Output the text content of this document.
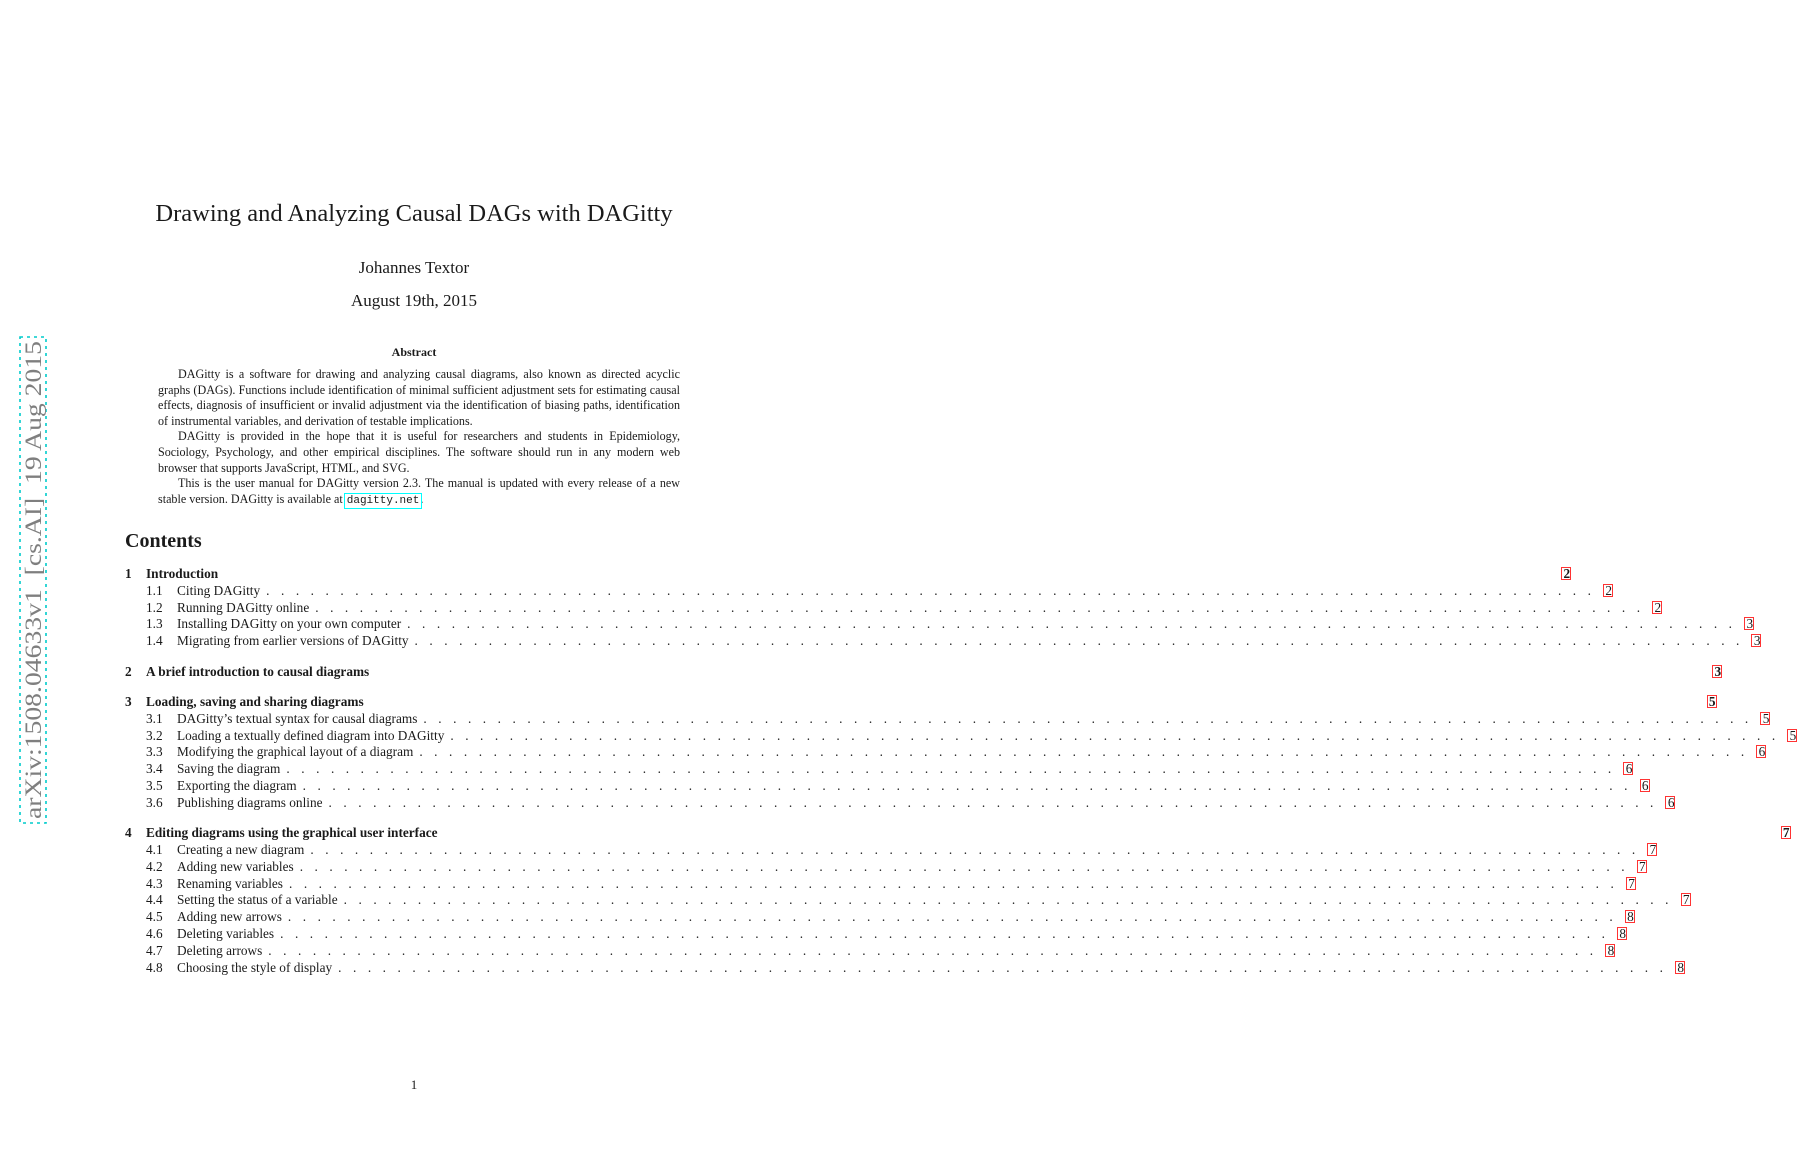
arXiv:1508.04633v1  [cs.AI]  19 Aug 2015
Drawing and Analyzing Causal DAGs with DAGitty
Johannes Textor
August 19th, 2015
Abstract

DAGitty is a software for drawing and analyzing causal diagrams, also known as directed acyclic graphs (DAGs). Functions include identification of minimal sufficient adjustment sets for estimating causal effects, diagnosis of insufficient or invalid adjustment via the identification of biasing paths, identification of instrumental variables, and derivation of testable implications.

DAGitty is provided in the hope that it is useful for researchers and students in Epidemiology, Sociology, Psychology, and other empirical disciplines. The software should run in any modern web browser that supports JavaScript, HTML, and SVG.

This is the user manual for DAGitty version 2.3. The manual is updated with every release of a new stable version. DAGitty is available at dagitty.net.

Contents
1	Introduction	2
1.1	Citing DAGitty . . . . . . . . . . . . . . . . . . . . . . . . . . . . . . . . . . . . . . . . . . . . . . . . . . . . . . . . . . . . . . . . . . . . . . . . . . . . . . . . . . . . . . . . . . 2
1.2	Running DAGitty online . . . . . . . . . . . . . . . . . . . . . . . . . . . . . . . . . . . . . . . . . . . . . . . . . . . . . . . . . . . . . . . . . . . . . . . . . . . . . . . . . . . . . . . . . . 2
1.3	Installing DAGitty on your own computer . . . . . . . . . . . . . . . . . . . . . . . . . . . . . . . . . . . . . . . . . . . . . . . . . . . . . . . . . . . . . . . . . . . . . . . . . . . . . . . . . . . . . . . . . . 3
1.4	Migrating from earlier versions of DAGitty . . . . . . . . . . . . . . . . . . . . . . . . . . . . . . . . . . . . . . . . . . . . . . . . . . . . . . . . . . . . . . . . . . . . . . . . . . . . . . . . . . . . . . . . . . 3
2	A brief introduction to causal diagrams	3
3	Loading, saving and sharing diagrams	5
3.1	DAGitty’s textual syntax for causal diagrams . . . . . . . . . . . . . . . . . . . . . . . . . . . . . . . . . . . . . . . . . . . . . . . . . . . . . . . . . . . . . . . . . . . . . . . . . . . . . . . . . . . . . . . . . . 5
3.2	Loading a textually defined diagram into DAGitty . . . . . . . . . . . . . . . . . . . . . . . . . . . . . . . . . . . . . . . . . . . . . . . . . . . . . . . . . . . . . . . . . . . . . . . . . . . . . . . . . . . . . . . . . . 5
3.3	Modifying the graphical layout of a diagram . . . . . . . . . . . . . . . . . . . . . . . . . . . . . . . . . . . . . . . . . . . . . . . . . . . . . . . . . . . . . . . . . . . . . . . . . . . . . . . . . . . . . . . . . . 6
3.4	Saving the diagram . . . . . . . . . . . . . . . . . . . . . . . . . . . . . . . . . . . . . . . . . . . . . . . . . . . . . . . . . . . . . . . . . . . . . . . . . . . . . . . . . . . . . . . . . . 6
3.5	Exporting the diagram . . . . . . . . . . . . . . . . . . . . . . . . . . . . . . . . . . . . . . . . . . . . . . . . . . . . . . . . . . . . . . . . . . . . . . . . . . . . . . . . . . . . . . . . . . 6
3.6	Publishing diagrams online . . . . . . . . . . . . . . . . . . . . . . . . . . . . . . . . . . . . . . . . . . . . . . . . . . . . . . . . . . . . . . . . . . . . . . . . . . . . . . . . . . . . . . . . . . 6
4	Editing diagrams using the graphical user interface	7
4.1	Creating a new diagram . . . . . . . . . . . . . . . . . . . . . . . . . . . . . . . . . . . . . . . . . . . . . . . . . . . . . . . . . . . . . . . . . . . . . . . . . . . . . . . . . . . . . . . . . . 7
4.2	Adding new variables . . . . . . . . . . . . . . . . . . . . . . . . . . . . . . . . . . . . . . . . . . . . . . . . . . . . . . . . . . . . . . . . . . . . . . . . . . . . . . . . . . . . . . . . . . 7
4.3	Renaming variables . . . . . . . . . . . . . . . . . . . . . . . . . . . . . . . . . . . . . . . . . . . . . . . . . . . . . . . . . . . . . . . . . . . . . . . . . . . . . . . . . . . . . . . . . . 7
4.4	Setting the status of a variable . . . . . . . . . . . . . . . . . . . . . . . . . . . . . . . . . . . . . . . . . . . . . . . . . . . . . . . . . . . . . . . . . . . . . . . . . . . . . . . . . . . . . . . . . . 7
4.5	Adding new arrows . . . . . . . . . . . . . . . . . . . . . . . . . . . . . . . . . . . . . . . . . . . . . . . . . . . . . . . . . . . . . . . . . . . . . . . . . . . . . . . . . . . . . . . . . . 8
4.6	Deleting variables . . . . . . . . . . . . . . . . . . . . . . . . . . . . . . . . . . . . . . . . . . . . . . . . . . . . . . . . . . . . . . . . . . . . . . . . . . . . . . . . . . . . . . . . . . 8
4.7	Deleting arrows . . . . . . . . . . . . . . . . . . . . . . . . . . . . . . . . . . . . . . . . . . . . . . . . . . . . . . . . . . . . . . . . . . . . . . . . . . . . . . . . . . . . . . . . . . 8
4.8	Choosing the style of display . . . . . . . . . . . . . . . . . . . . . . . . . . . . . . . . . . . . . . . . . . . . . . . . . . . . . . . . . . . . . . . . . . . . . . . . . . . . . . . . . . . . . . . . . . 8
1
